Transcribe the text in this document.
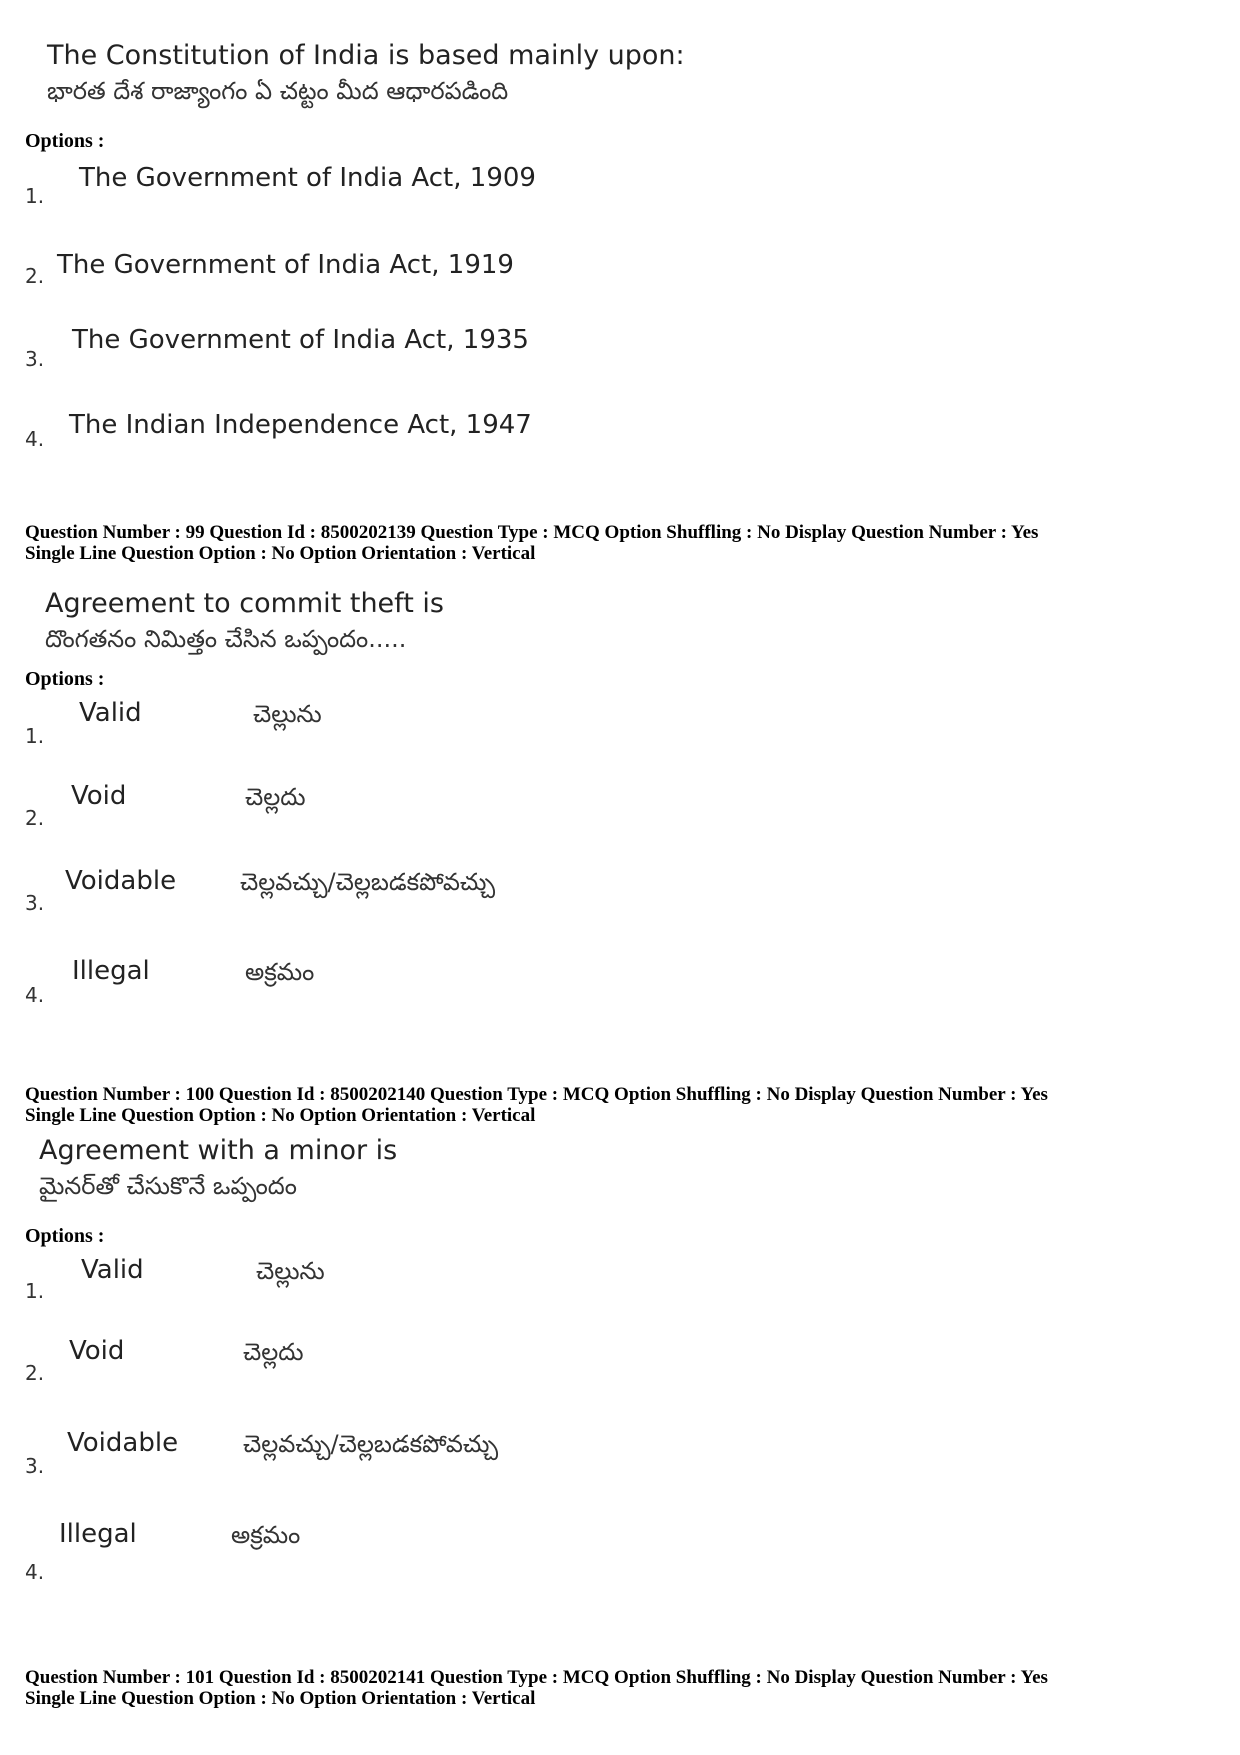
The Constitution of India is based mainly upon:
భారత దేశ రాజ్యాంగం ఏ చట్టం మీద ఆధారపడింది
Options :
1.
The Government of India Act, 1909
2. The Government of India Act, 1919
3.
The Government of India Act, 1935
4. The Indian Independence Act, 1947
Question Number : 99 Question Id : 8500202139 Question Type : MCQ Option Shuffling : No Display Question Number : Yes
Single Line Question Option : No Option Orientation : Vertical
Agreement to commit theft is
దొంగతనం నిమిత్తం చేసిన ఒప్పందం.....
Options :
1.
Valid	చెల్లును
2.
Void	చెల్లదు
3.
Voidable	చెల్లవచ్చు/చెల్లబడకపోవచ్చు
4.
Illegal	అక్రమం
Question Number : 100 Question Id : 8500202140 Question Type : MCQ Option Shuffling : No Display Question Number : Yes
Single Line Question Option : No Option Orientation : Vertical
Agreement with a minor is
మైనర్‌తో చేసుకొనే ఒప్పందం
Options :
1.
Valid	చెల్లును
2.
Void	చెల్లదు
3.
Voidable	చెల్లవచ్చు/చెల్లబడకపోవచ్చు
4.
Illegal	అక్రమం
Question Number : 101 Question Id : 8500202141 Question Type : MCQ Option Shuffling : No Display Question Number : Yes
Single Line Question Option : No Option Orientation : Vertical
